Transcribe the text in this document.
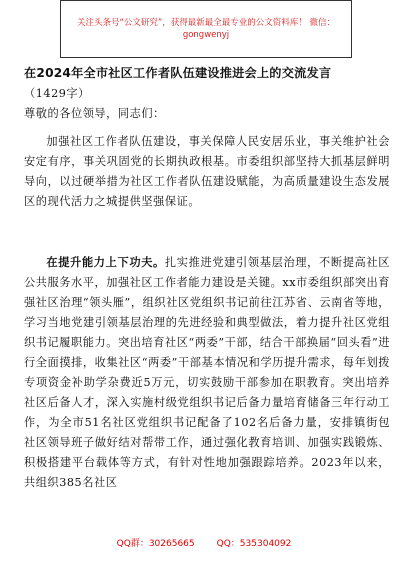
关注头条号“公文研究”，获得最新最全最专业的公文资料库！ 微信：gongwenyj
在2024年全市社区工作者队伍建设推进会上的交流发言
（1429字）
尊敬的各位领导，同志们：
加强社区工作者队伍建设，事关保障人民安居乐业，事关维护社会安定有序，事关巩固党的长期执政根基。市委组织部坚持大抓基层鲜明导向，以过硬举措为社区工作者队伍建设赋能，为高质量建设生态发展区的现代活力之城提供坚强保证。
在提升能力上下功夫。扎实推进党建引领基层治理，不断提高社区公共服务水平，加强社区工作者能力建设是关键。xx市委组织部突出育强社区治理“领头雁”，组织社区党组织书记前往江苏省、云南省等地，学习当地党建引领基层治理的先进经验和典型做法，着力提升社区党组织书记履职能力。突出培育社区“两委”干部，结合干部换届“回头看”进行全面摸排，收集社区“两委”干部基本情况和学历提升需求，每年划拨专项资金补助学杂费近5万元，切实鼓励干部参加在职教育。突出培养社区后备人才，深入实施村级党组织书记后备力量培育储备三年行动工作，为全市51名社区党组织书记配备了102名后备力量，安排镇街包社区领导班子做好结对帮带工作，通过强化教育培训、加强实践锻炼、积极搭建平台载体等方式，有针对性地加强跟踪培养。2023年以来，共组织385名社区
QQ群：30265665 QQ：535304092
